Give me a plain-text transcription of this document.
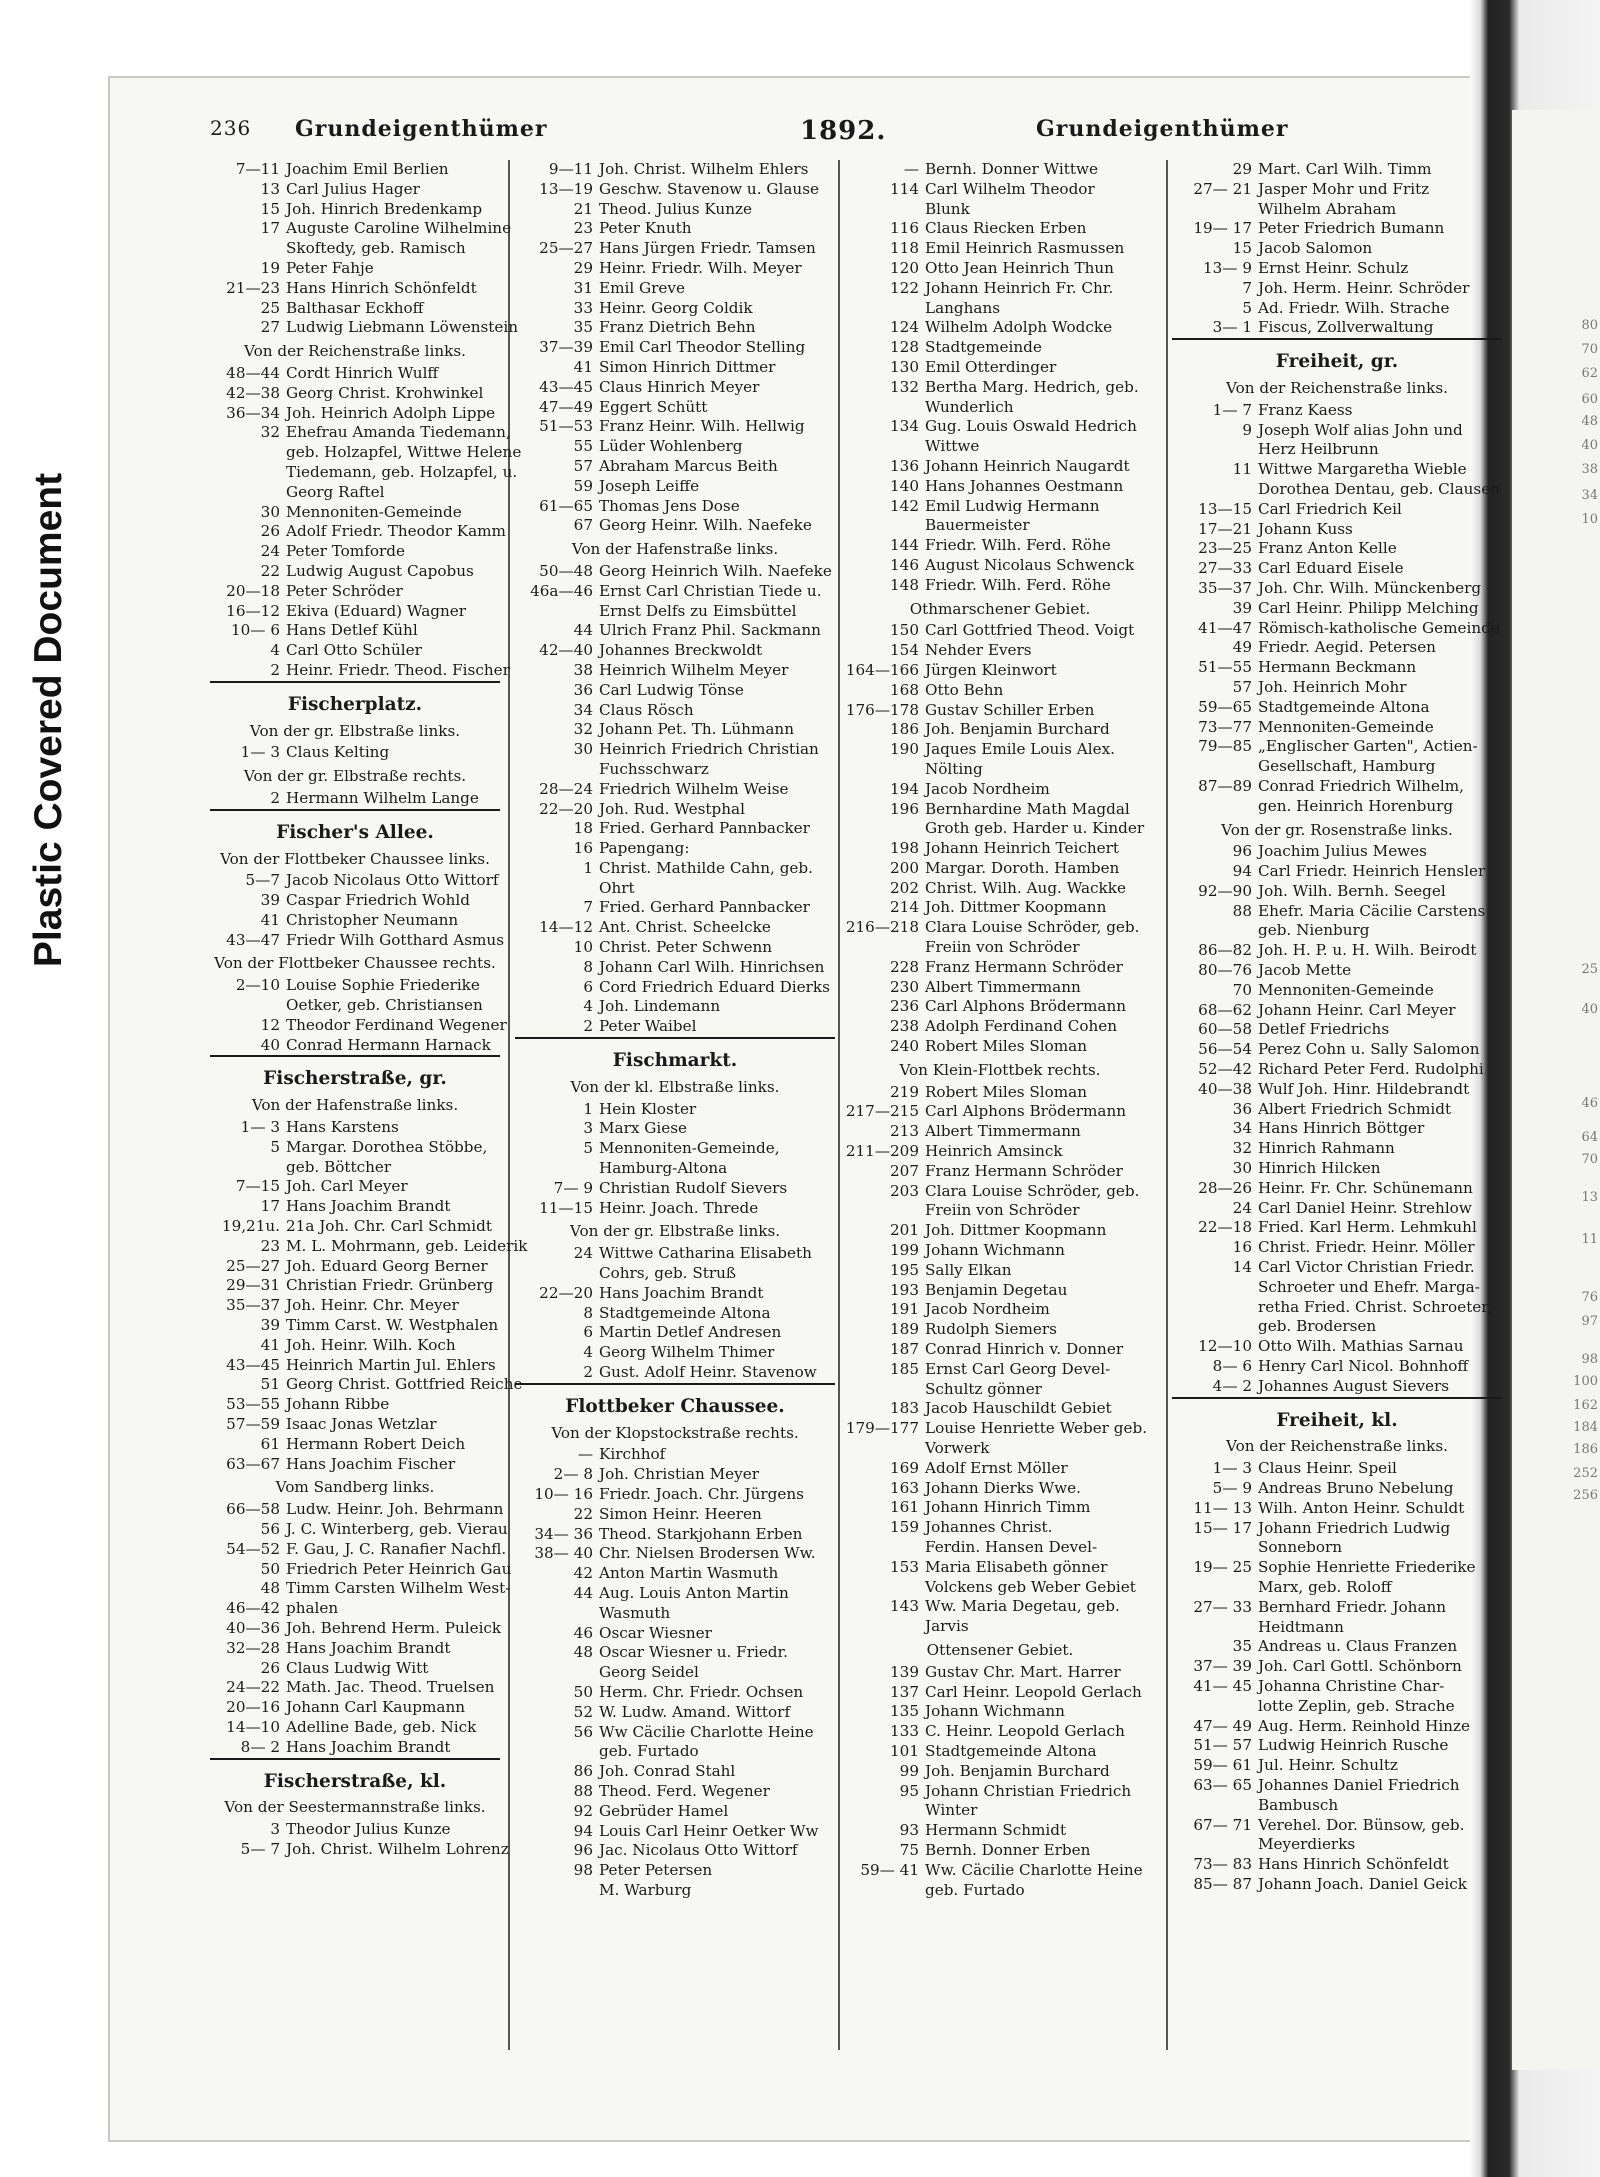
Plastic Covered Document
236 Grundeigenthümer	1892.	Grundeigenthümer

7—11 Joachim Emil Berlien

13 Carl Julius Hager

15 Joh. Hinrich Bredenkamp

17 Auguste Caroline Wilhelmine

Skoftedy, geb. Ramisch

19 Peter Fahje

21—23 Hans Hinrich Schönfeldt

25 Balthasar Eckhoff

27 Ludwig Liebmann Löwenstein

Von der Reichenstraße links.

48—44 Cordt Hinrich Wulff

42—38 Georg Christ. Krohwinkel

36—34 Joh. Heinrich Adolph Lippe

32 Ehefrau Amanda Tiedemann,

geb. Holzapfel, Wittwe Helene

Tiedemann, geb. Holzapfel, u.

Georg Raftel

30 Mennoniten-Gemeinde

26 Adolf Friedr. Theodor Kamm

24 Peter Tomforde

22 Ludwig August Capobus

20—18 Peter Schröder

16—12 Ekiva (Eduard) Wagner

10— 6 Hans Detlef Kühl

4 Carl Otto Schüler

2 Heinr. Friedr. Theod. Fischer

Fischerplatz.

Von der gr. Elbstraße links.

1— 3 Claus Kelting

Von der gr. Elbstraße rechts.

2 Hermann Wilhelm Lange

Fischer's Allee.

Von der Flottbeker Chaussee links.

5—7 Jacob Nicolaus Otto Wittorf

39 Caspar Friedrich Wohld

41 Christopher Neumann

43—47 Friedr Wilh Gotthard Asmus

Von der Flottbeker Chaussee rechts.

2—10 Louise Sophie Friederike

Oetker, geb. Christiansen

12 Theodor Ferdinand Wegener

40 Conrad Hermann Harnack

Fischerstraße, gr.

Von der Hafenstraße links.

1— 3 Hans Karstens

5 Margar. Dorothea Stöbbe,

geb. Böttcher

7—15 Joh. Carl Meyer

17 Hans Joachim Brandt

19,21u. 21a Joh. Chr. Carl Schmidt

23 M. L. Mohrmann, geb. Leiderik

25—27 Joh. Eduard Georg Berner

29—31 Christian Friedr. Grünberg

35—37 Joh. Heinr. Chr. Meyer

39 Timm Carst. W. Westphalen

41 Joh. Heinr. Wilh. Koch

43—45 Heinrich Martin Jul. Ehlers

51 Georg Christ. Gottfried Reiche

53—55 Johann Ribbe

57—59 Isaac Jonas Wetzlar

61 Hermann Robert Deich

63—67 Hans Joachim Fischer

Vom Sandberg links.

66—58 Ludw. Heinr. Joh. Behrmann

56 J. C. Winterberg, geb. Vierau

54—52 F. Gau, J. C. Ranafier Nachfl.

50 Friedrich Peter Heinrich Gau

48 Timm Carsten Wilhelm West-

46—42 phalen

40—36 Joh. Behrend Herm. Puleick

32—28 Hans Joachim Brandt

26 Claus Ludwig Witt

24—22 Math. Jac. Theod. Truelsen

20—16 Johann Carl Kaupmann

14—10 Adelline Bade, geb. Nick

8— 2 Hans Joachim Brandt

Fischerstraße, kl.

Von der Seestermannstraße links.

3 Theodor Julius Kunze

5— 7 Joh. Christ. Wilhelm Lohrenz

9—11 Joh. Christ. Wilhelm Ehlers

13—19 Geschw. Stavenow u. Glause

21 Theod. Julius Kunze

23 Peter Knuth

25—27 Hans Jürgen Friedr. Tamsen

29 Heinr. Friedr. Wilh. Meyer

31 Emil Greve

33 Heinr. Georg Coldik

35 Franz Dietrich Behn

37—39 Emil Carl Theodor Stelling

41 Simon Hinrich Dittmer

43—45 Claus Hinrich Meyer

47—49 Eggert Schütt

51—53 Franz Heinr. Wilh. Hellwig

55 Lüder Wohlenberg

57 Abraham Marcus Beith

59 Joseph Leiffe

61—65 Thomas Jens Dose

67 Georg Heinr. Wilh. Naefeke

Von der Hafenstraße links.

50—48 Georg Heinrich Wilh. Naefeke

46a—46 Ernst Carl Christian Tiede u.

Ernst Delfs zu Eimsbüttel

44 Ulrich Franz Phil. Sackmann

42—40 Johannes Breckwoldt

38 Heinrich Wilhelm Meyer

36 Carl Ludwig Tönse

34 Claus Rösch

32 Johann Pet. Th. Lühmann

30 Heinrich Friedrich Christian

Fuchsschwarz

28—24 Friedrich Wilhelm Weise

22—20 Joh. Rud. Westphal

18 Fried. Gerhard Pannbacker

16 Papengang:

1 Christ. Mathilde Cahn, geb.

Ohrt

7 Fried. Gerhard Pannbacker

14—12 Ant. Christ. Scheelcke

10 Christ. Peter Schwenn

8 Johann Carl Wilh. Hinrichsen

6 Cord Friedrich Eduard Dierks

4 Joh. Lindemann

2 Peter Waibel

Fischmarkt.

Von der kl. Elbstraße links.

1 Hein Kloster

3 Marx Giese

5 Mennoniten-Gemeinde,

Hamburg-Altona

7— 9 Christian Rudolf Sievers

11—15 Heinr. Joach. Threde

Von der gr. Elbstraße links.

24 Wittwe Catharina Elisabeth

Cohrs, geb. Struß

22—20 Hans Joachim Brandt

8 Stadtgemeinde Altona

6 Martin Detlef Andresen

4 Georg Wilhelm Thimer

2 Gust. Adolf Heinr. Stavenow

Flottbeker Chaussee.

Von der Klopstockstraße rechts.

— Kirchhof

2— 8 Joh. Christian Meyer

10— 16 Friedr. Joach. Chr. Jürgens

22 Simon Heinr. Heeren

34— 36 Theod. Starkjohann Erben

38— 40 Chr. Nielsen Brodersen Ww.

42 Anton Martin Wasmuth

44 Aug. Louis Anton Martin

Wasmuth

46 Oscar Wiesner

48 Oscar Wiesner u. Friedr.

Georg Seidel

50 Herm. Chr. Friedr. Ochsen

52 W. Ludw. Amand. Wittorf

56 Ww Cäcilie Charlotte Heine

geb. Furtado

86 Joh. Conrad Stahl

88 Theod. Ferd. Wegener

92 Gebrüder Hamel

94 Louis Carl Heinr Oetker Ww

96 Jac. Nicolaus Otto Wittorf

98 Peter Petersen

M. Warburg

— Bernh. Donner Wittwe

114 Carl Wilhelm Theodor

Blunk

116 Claus Riecken Erben

118 Emil Heinrich Rasmussen

120 Otto Jean Heinrich Thun

122 Johann Heinrich Fr. Chr.

Langhans

124 Wilhelm Adolph Wodcke

128 Stadtgemeinde

130 Emil Otterdinger

132 Bertha Marg. Hedrich, geb.

Wunderlich

134 Gug. Louis Oswald Hedrich

Wittwe

136 Johann Heinrich Naugardt

140 Hans Johannes Oestmann

142 Emil Ludwig Hermann

Bauermeister

144 Friedr. Wilh. Ferd. Röhe

146 August Nicolaus Schwenck

148 Friedr. Wilh. Ferd. Röhe

Othmarschener Gebiet.

150 Carl Gottfried Theod. Voigt

154 Nehder Evers

164—166 Jürgen Kleinwort

168 Otto Behn

176—178 Gustav Schiller Erben

186 Joh. Benjamin Burchard

190 Jaques Emile Louis Alex.

Nölting

194 Jacob Nordheim

196 Bernhardine Math Magdal

Groth geb. Harder u. Kinder

198 Johann Heinrich Teichert

200 Margar. Doroth. Hamben

202 Christ. Wilh. Aug. Wackke

214 Joh. Dittmer Koopmann

216—218 Clara Louise Schröder, geb.

Freiin von Schröder

228 Franz Hermann Schröder

230 Albert Timmermann

236 Carl Alphons Brödermann

238 Adolph Ferdinand Cohen

240 Robert Miles Sloman

Von Klein-Flottbek rechts.

219 Robert Miles Sloman

217—215 Carl Alphons Brödermann

213 Albert Timmermann

211—209 Heinrich Amsinck

207 Franz Hermann Schröder

203 Clara Louise Schröder, geb.

Freiin von Schröder

201 Joh. Dittmer Koopmann

199 Johann Wichmann

195 Sally Elkan

193 Benjamin Degetau

191 Jacob Nordheim

189 Rudolph Siemers

187 Conrad Hinrich v. Donner

185 Ernst Carl Georg Devel-

Schultz gönner

183 Jacob Hauschildt Gebiet

179—177 Louise Henriette Weber geb.

Vorwerk

169 Adolf Ernst Möller

163 Johann Dierks Wwe.

161 Johann Hinrich Timm

159 Johannes Christ.

Ferdin. Hansen Devel-

153 Maria Elisabeth gönner

Volckens geb Weber Gebiet

143 Ww. Maria Degetau, geb.

Jarvis

Ottensener Gebiet.

139 Gustav Chr. Mart. Harrer

137 Carl Heinr. Leopold Gerlach

135 Johann Wichmann

133 C. Heinr. Leopold Gerlach

101 Stadtgemeinde Altona

99 Joh. Benjamin Burchard

95 Johann Christian Friedrich

Winter

93 Hermann Schmidt

75 Bernh. Donner Erben

59— 41 Ww. Cäcilie Charlotte Heine

geb. Furtado

29 Mart. Carl Wilh. Timm

27— 21 Jasper Mohr und Fritz

Wilhelm Abraham

19— 17 Peter Friedrich Bumann

15 Jacob Salomon

13— 9 Ernst Heinr. Schulz

7 Joh. Herm. Heinr. Schröder

5 Ad. Friedr. Wilh. Strache

3— 1 Fiscus, Zollverwaltung

Freiheit, gr.

Von der Reichenstraße links.

1— 7 Franz Kaess

9 Joseph Wolf alias John und

Herz Heilbrunn

11 Wittwe Margaretha Wieble

Dorothea Dentau, geb. Clausen

13—15 Carl Friedrich Keil

17—21 Johann Kuss

23—25 Franz Anton Kelle

27—33 Carl Eduard Eisele

35—37 Joh. Chr. Wilh. Münckenberg

39 Carl Heinr. Philipp Melching

41—47 Römisch-katholische Gemeinde

49 Friedr. Aegid. Petersen

51—55 Hermann Beckmann

57 Joh. Heinrich Mohr

59—65 Stadtgemeinde Altona

73—77 Mennoniten-Gemeinde

79—85 „Englischer Garten", Actien-

Gesellschaft, Hamburg

87—89 Conrad Friedrich Wilhelm,

gen. Heinrich Horenburg

Von der gr. Rosenstraße links.

96 Joachim Julius Mewes

94 Carl Friedr. Heinrich Hensler

92—90 Joh. Wilh. Bernh. Seegel

88 Ehefr. Maria Cäcilie Carstens

geb. Nienburg

86—82 Joh. H. P. u. H. Wilh. Beirodt

80—76 Jacob Mette

70 Mennoniten-Gemeinde

68—62 Johann Heinr. Carl Meyer

60—58 Detlef Friedrichs

56—54 Perez Cohn u. Sally Salomon

52—42 Richard Peter Ferd. Rudolphi

40—38 Wulf Joh. Hinr. Hildebrandt

36 Albert Friedrich Schmidt

34 Hans Hinrich Böttger

32 Hinrich Rahmann

30 Hinrich Hilcken

28—26 Heinr. Fr. Chr. Schünemann

24 Carl Daniel Heinr. Strehlow

22—18 Fried. Karl Herm. Lehmkuhl

16 Christ. Friedr. Heinr. Möller

14 Carl Victor Christian Friedr.

Schroeter und Ehefr. Marga-

retha Fried. Christ. Schroeter,

geb. Brodersen

12—10 Otto Wilh. Mathias Sarnau

8— 6 Henry Carl Nicol. Bohnhoff

4— 2 Johannes August Sievers

Freiheit, kl.

Von der Reichenstraße links.

1— 3 Claus Heinr. Speil

5— 9 Andreas Bruno Nebelung

11— 13 Wilh. Anton Heinr. Schuldt

15— 17 Johann Friedrich Ludwig

Sonneborn

19— 25 Sophie Henriette Friederike

Marx, geb. Roloff

27— 33 Bernhard Friedr. Johann

Heidtmann

35 Andreas u. Claus Franzen

37— 39 Joh. Carl Gottl. Schönborn

41— 45 Johanna Christine Char-

lotte Zeplin, geb. Strache

47— 49 Aug. Herm. Reinhold Hinze

51— 57 Ludwig Heinrich Rusche

59— 61 Jul. Heinr. Schultz

63— 65 Johannes Daniel Friedrich

Bambusch

67— 71 Verehel. Dor. Bünsow, geb.

Meyerdierks

73— 83 Hans Hinrich Schönfeldt

85— 87 Johann Joach. Daniel Geick

80
70
62
60
48
40
38
34
10
25
40
46
64
70
13
11
76
97
98
100
162
184
186
252
256
